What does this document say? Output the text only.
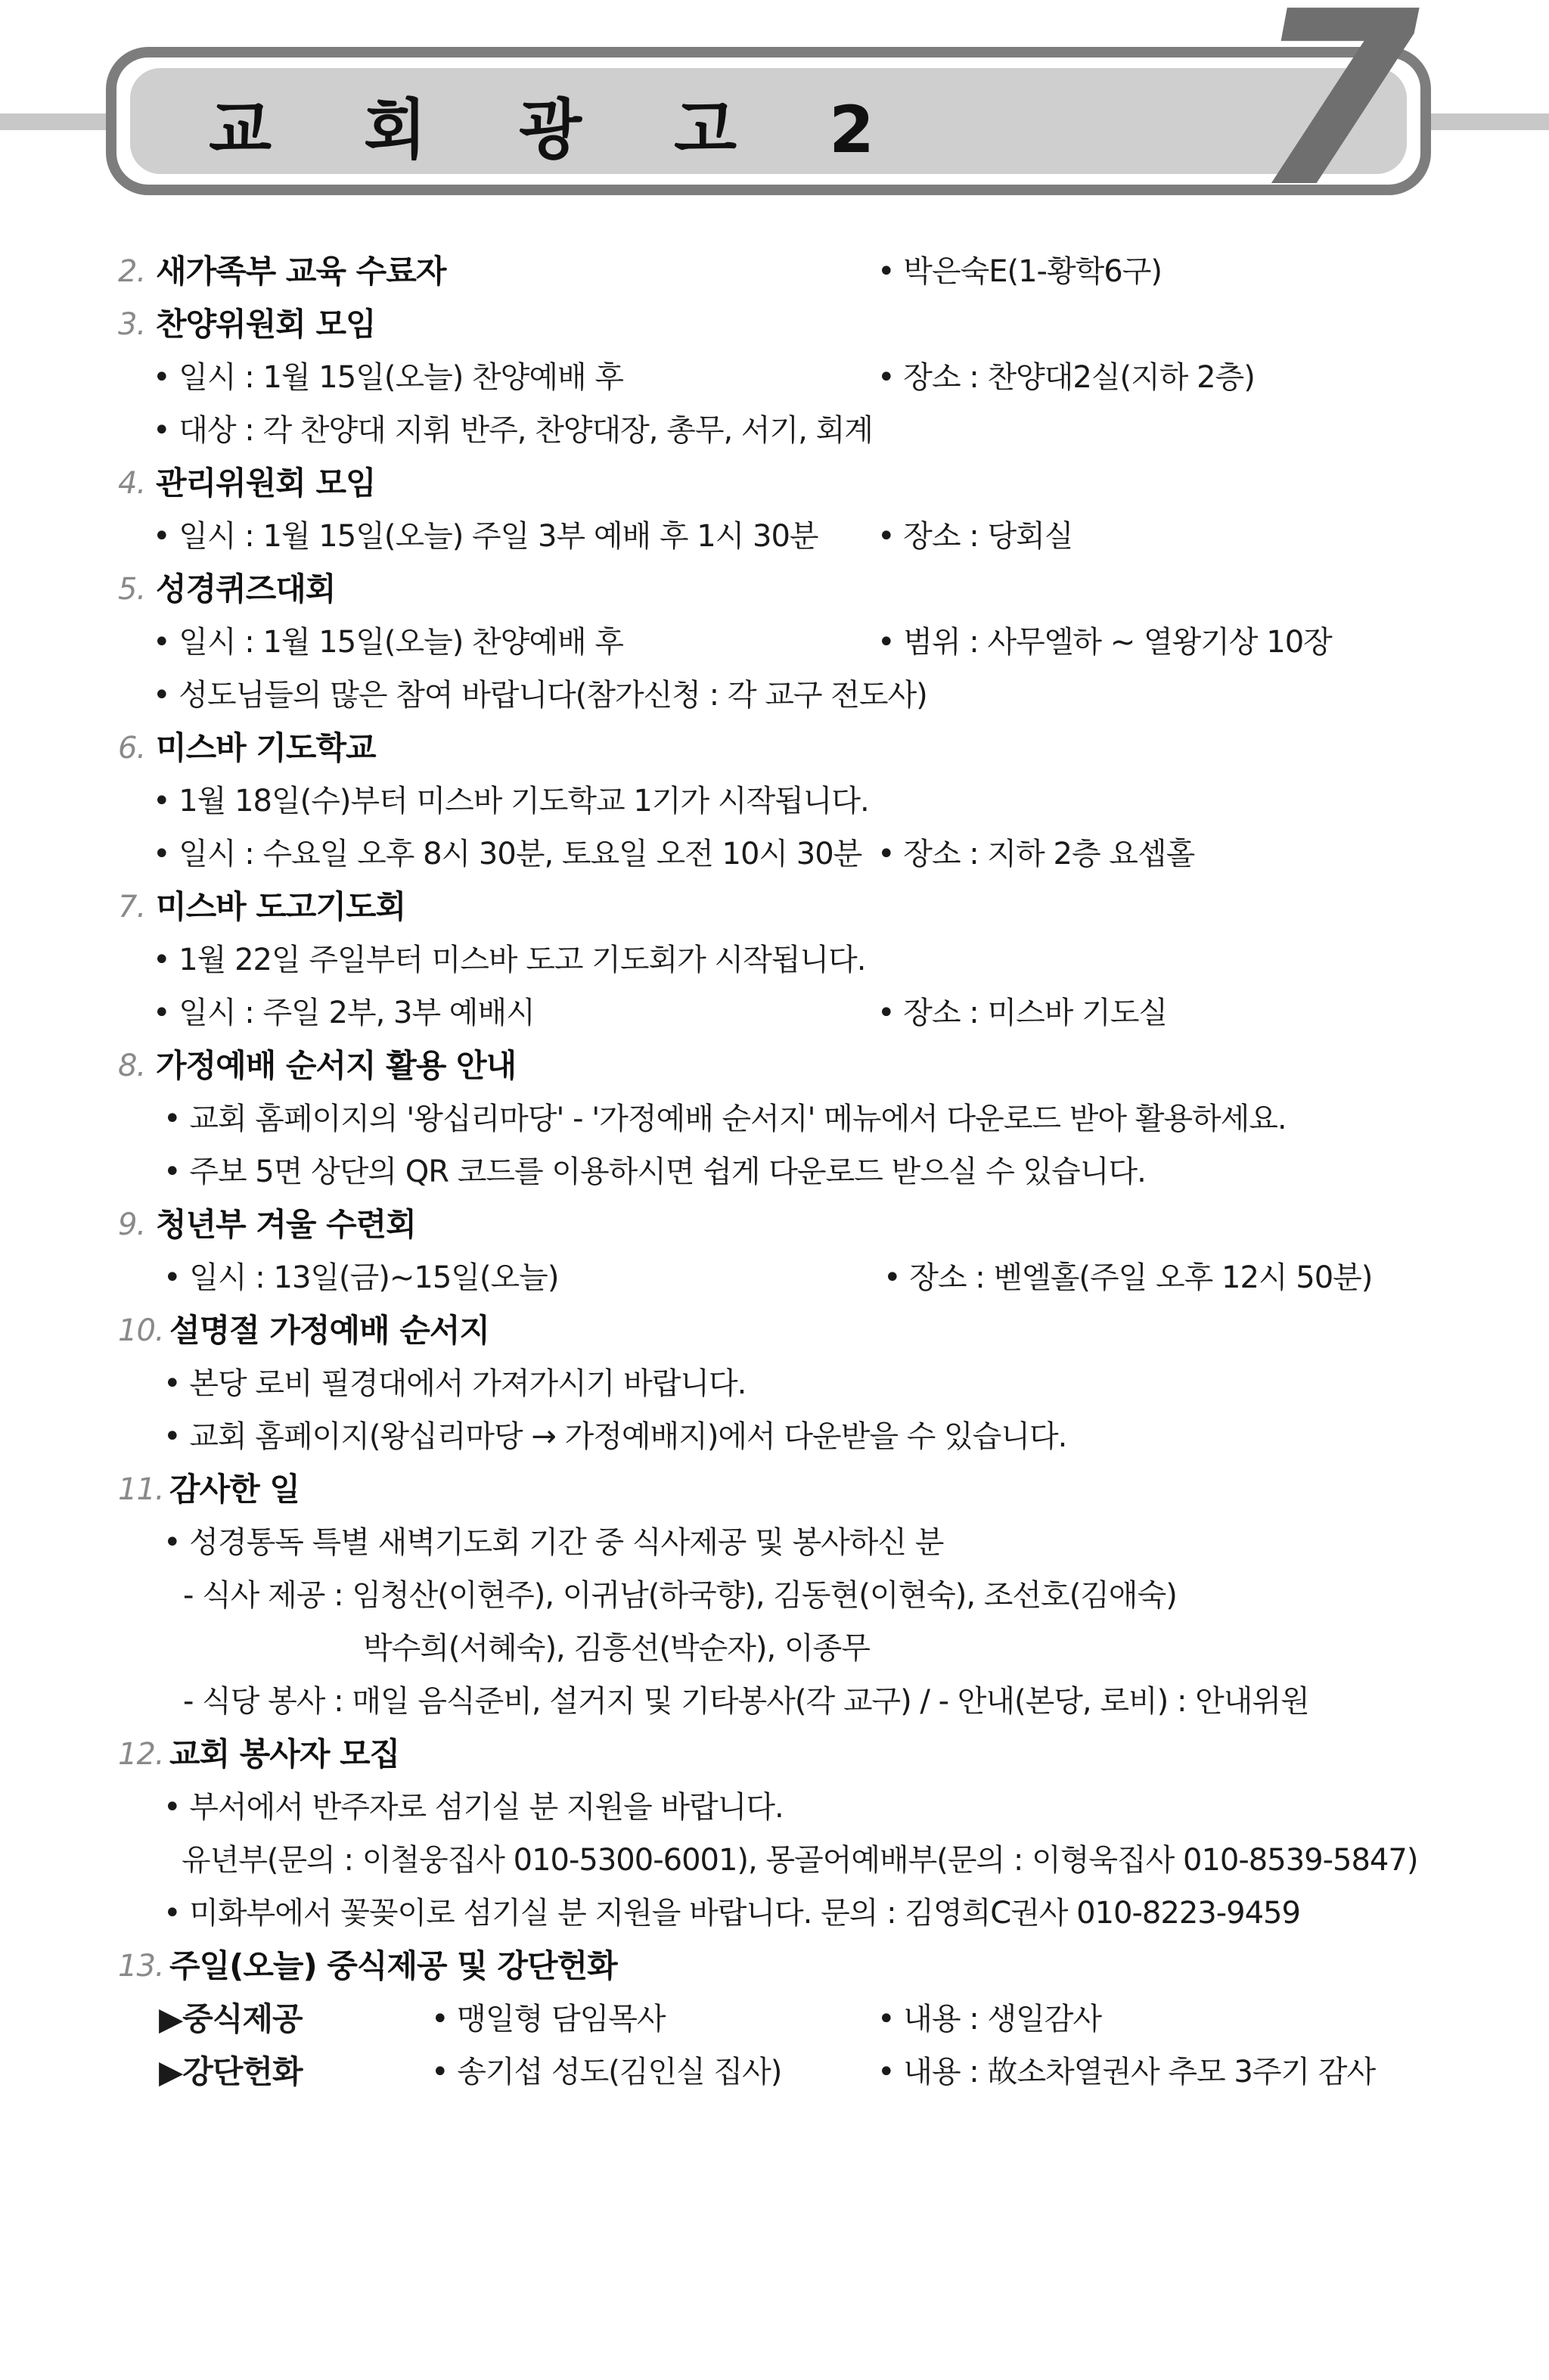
교 회 광 고 2 7
2. 새가족부 교육 수료자	• 박은숙E(1-황학6구)
3. 찬양위원회 모임
• 일시 : 1월 15일(오늘) 찬양예배 후	• 장소 : 찬양대2실(지하 2층)
• 대상 : 각 찬양대 지휘 반주, 찬양대장, 총무, 서기, 회계
4. 관리위원회 모임
• 일시 : 1월 15일(오늘) 주일 3부 예배 후 1시 30분 • 장소 : 당회실
5. 성경퀴즈대회
• 일시 : 1월 15일(오늘) 찬양예배 후	• 범위 : 사무엘하 ~ 열왕기상 10장
• 성도님들의 많은 참여 바랍니다(참가신청 : 각 교구 전도사)
6. 미스바 기도학교
• 1월 18일(수)부터 미스바 기도학교 1기가 시작됩니다.
• 일시 : 수요일 오후 8시 30분, 토요일 오전 10시 30분 • 장소 : 지하 2층 요셉홀
7. 미스바 도고기도회
• 1월 22일 주일부터 미스바 도고 기도회가 시작됩니다.
• 일시 : 주일 2부, 3부 예배시	• 장소 : 미스바 기도실
8. 가정예배 순서지 활용 안내
• 교회 홈페이지의 '왕십리마당' - '가정예배 순서지' 메뉴에서 다운로드 받아 활용하세요.
• 주보 5면 상단의 QR 코드를 이용하시면 쉽게 다운로드 받으실 수 있습니다.
9. 청년부 겨울 수련회
• 일시 : 13일(금)~15일(오늘)	• 장소 : 벧엘홀(주일 오후 12시 50분)
10. 설명절 가정예배 순서지
• 본당 로비 필경대에서 가져가시기 바랍니다.
• 교회 홈페이지(왕십리마당 → 가정예배지)에서 다운받을 수 있습니다.
11. 감사한 일
• 성경통독 특별 새벽기도회 기간 중 식사제공 및 봉사하신 분
- 식사 제공 : 임청산(이현주), 이귀남(하국향), 김동현(이현숙), 조선호(김애숙)
박수희(서혜숙), 김흥선(박순자), 이종무
- 식당 봉사 : 매일 음식준비, 설거지 및 기타봉사(각 교구) / - 안내(본당, 로비) : 안내위원
12. 교회 봉사자 모집
• 부서에서 반주자로 섬기실 분 지원을 바랍니다.
유년부(문의 : 이철웅집사 010-5300-6001), 몽골어예배부(문의 : 이형욱집사 010-8539-5847)
• 미화부에서 꽃꽂이로 섬기실 분 지원을 바랍니다. 문의 : 김영희C권사 010-8223-9459
13. 주일(오늘) 중식제공 및 강단헌화
▶중식제공	• 맹일형 담임목사	• 내용 : 생일감사
▶강단헌화	• 송기섭 성도(김인실 집사)	• 내용 : 故소차열권사 추모 3주기 감사
